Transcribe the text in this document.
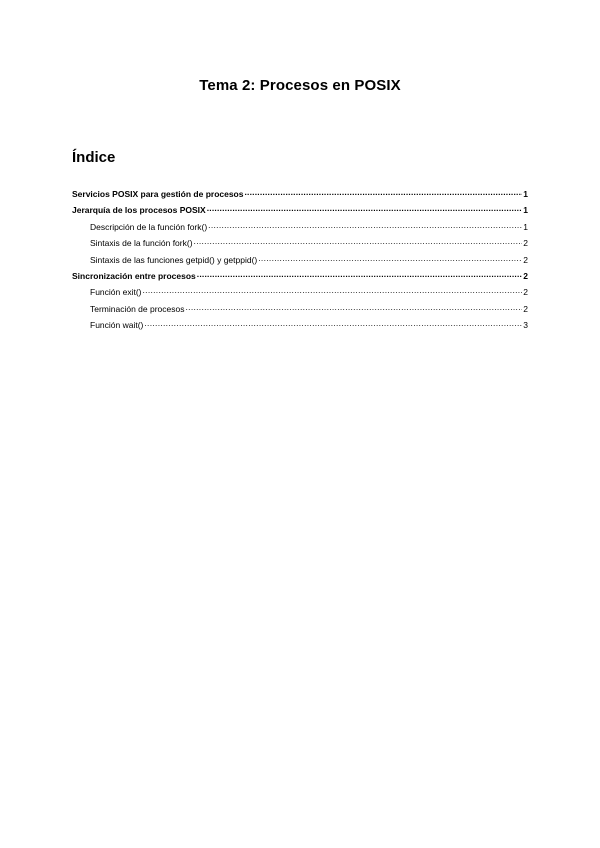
Tema 2: Procesos en POSIX
Índice
Servicios POSIX para gestión de procesos .....	1
Jerarquía de los procesos POSIX .....	1
Descripción de la función fork() .....	1
Sintaxis de la función fork() .....	2
Sintaxis de las funciones getpid() y getppid() .....	2
Sincronización entre procesos .....	2
Función exit() .....	2
Terminación de procesos .....	2
Función wait() .....	3
